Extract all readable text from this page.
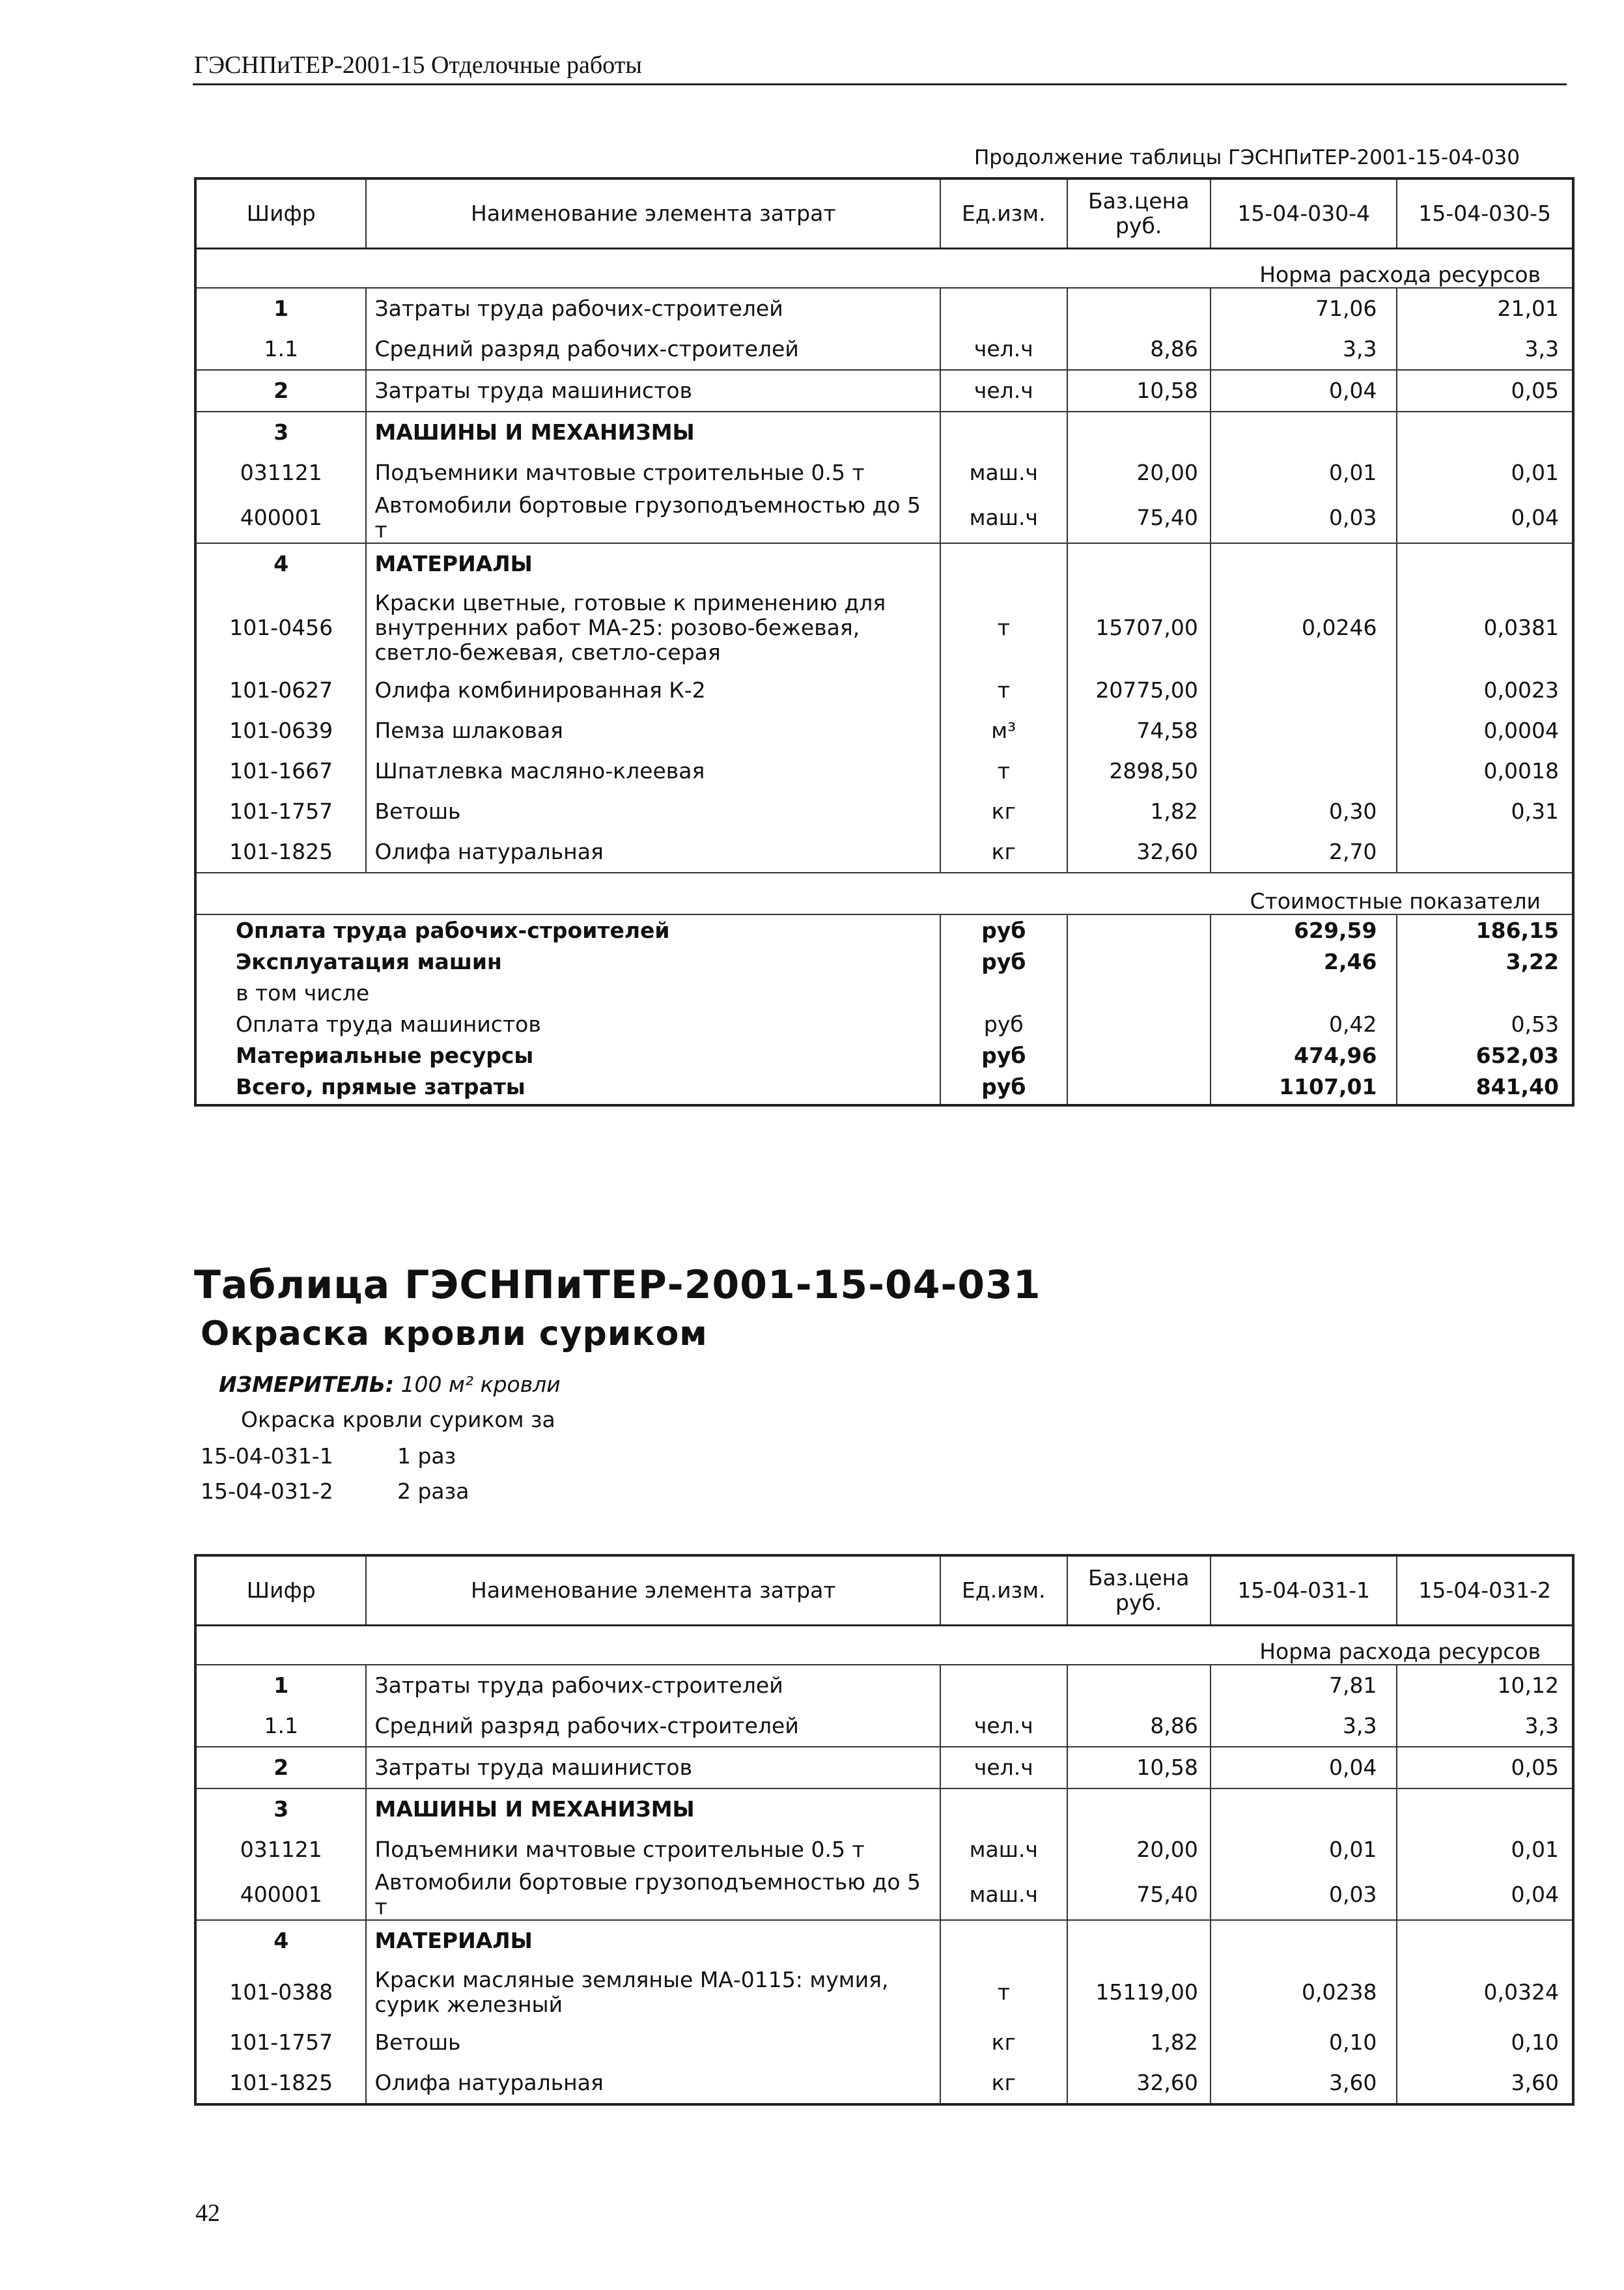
ГЭСНПиТЕР-2001-15 Отделочные работы
Продолжение таблицы ГЭСНПиТЕР-2001-15-04-030
Шифр	Наименование элемента затрат	Ед.изм.	Баз.цена руб.	15-04-030-4	15-04-030-5
Норма расхода ресурсов					
1	Затраты труда рабочих-строителей			71,06	21,01
1.1	Средний разряд рабочих-строителей	чел.ч	8,86	3,3	3,3
2	Затраты труда машинистов	чел.ч	10,58	0,04	0,05
3	МАШИНЫ И МЕХАНИЗМЫ				
031121	Подъемники мачтовые строительные 0.5 т	маш.ч	20,00	0,01	0,01
400001	Автомобили бортовые грузоподъемностью до 5 т	маш.ч	75,40	0,03	0,04
4	МАТЕРИАЛЫ				
101-0456	Краски цветные, готовые к применению для внутренних работ МА-25: розово-бежевая, светло-бежевая, светло-серая	т	15707,00	0,0246	0,0381
101-0627	Олифа комбинированная К-2	т	20775,00		0,0023
101-0639	Пемза шлаковая	м³	74,58		0,0004
101-1667	Шпатлевка масляно-клеевая	т	2898,50		0,0018
101-1757	Ветошь	кг	1,82	0,30	0,31
101-1825	Олифа натуральная	кг	32,60	2,70	
Стоимостные показатели					
Оплата труда рабочих-строителей		руб		629,59	186,15
Эксплуатация машин		руб		2,46	3,22
в том числе					
Оплата труда машинистов		руб		0,42	0,53
Материальные ресурсы		руб		474,96	652,03
Всего, прямые затраты		руб		1107,01	841,40
Таблица ГЭСНПиТЕР-2001-15-04-031
Окраска кровли суриком
ИЗМЕРИТЕЛЬ: 100 м² кровли
Окраска кровли суриком за
15-04-031-1	1 раз
15-04-031-2	2 раза
Шифр	Наименование элемента затрат	Ед.изм.	Баз.цена руб.	15-04-031-1	15-04-031-2
Норма расхода ресурсов					
1	Затраты труда рабочих-строителей			7,81	10,12
1.1	Средний разряд рабочих-строителей	чел.ч	8,86	3,3	3,3
2	Затраты труда машинистов	чел.ч	10,58	0,04	0,05
3	МАШИНЫ И МЕХАНИЗМЫ				
031121	Подъемники мачтовые строительные 0.5 т	маш.ч	20,00	0,01	0,01
400001	Автомобили бортовые грузоподъемностью до 5 т	маш.ч	75,40	0,03	0,04
4	МАТЕРИАЛЫ				
101-0388	Краски масляные земляные МА-0115: мумия, сурик железный	т	15119,00	0,0238	0,0324
101-1757	Ветошь	кг	1,82	0,10	0,10
101-1825	Олифа натуральная	кг	32,60	3,60	3,60
42
